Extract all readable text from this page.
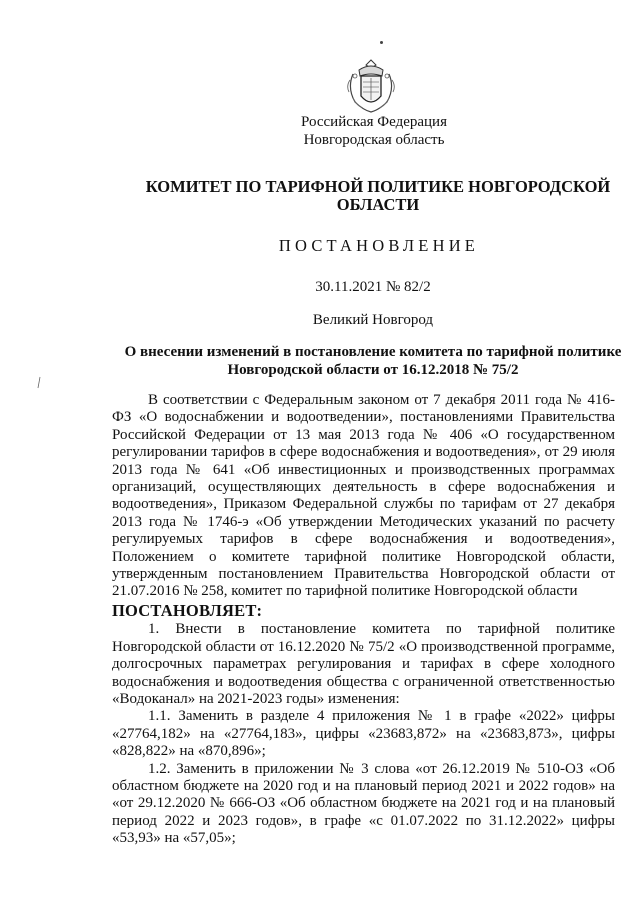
Российская Федерация
Новгородская область
КОМИТЕТ ПО ТАРИФНОЙ ПОЛИТИКЕ НОВГОРОДСКОЙ
ОБЛАСТИ
ПОСТАНОВЛЕНИЕ
30.11.2021 № 82/2
Великий Новгород
О внесении изменений в постановление комитета по тарифной политике
Новгородской области от 16.12.2018 № 75/2

В соответствии с Федеральным законом от 7 декабря 2011 года № 416-ФЗ «О водоснабжении и водоотведении», постановлениями Правительства Российской Федерации от 13 мая 2013 года № 406 «О государственном регулировании тарифов в сфере водоснабжения и водоотведения», от 29 июля 2013 года № 641 «Об инвестиционных и производственных программах организаций, осуществляющих деятельность в сфере водоснабжения и водоотведения», Приказом Федеральной службы по тарифам от 27 декабря 2013 года № 1746-э «Об утверждении Методических указаний по расчету регулируемых тарифов в сфере водоснабжения и водоотведения», Положением о комитете тарифной политике Новгородской области, утвержденным постановлением Правительства Новгородской области от 21.07.2016 № 258, комитет по тарифной политике Новгородской области

ПОСТАНОВЛЯЕТ:

1. Внести в постановление комитета по тарифной политике Новгородской области от 16.12.2020 № 75/2 «О производственной программе, долгосрочных параметрах регулирования и тарифах в сфере холодного водоснабжения и водоотведения общества с ограниченной ответственностью «Водоканал» на 2021-2023 годы» изменения:

1.1. Заменить в разделе 4 приложения № 1 в графе «2022» цифры «27764,182» на «27764,183», цифры «23683,872» на «23683,873», цифры «828,822» на «870,896»;

1.2. Заменить в приложении № 3 слова «от 26.12.2019 № 510-ОЗ «Об областном бюджете на 2020 год и на плановый период 2021 и 2022 годов» на «от 29.12.2020 № 666-ОЗ «Об областном бюджете на 2021 год и на плановый период 2022 и 2023 годов», в графе «с 01.07.2022 по 31.12.2022» цифры «53,93» на «57,05»;
